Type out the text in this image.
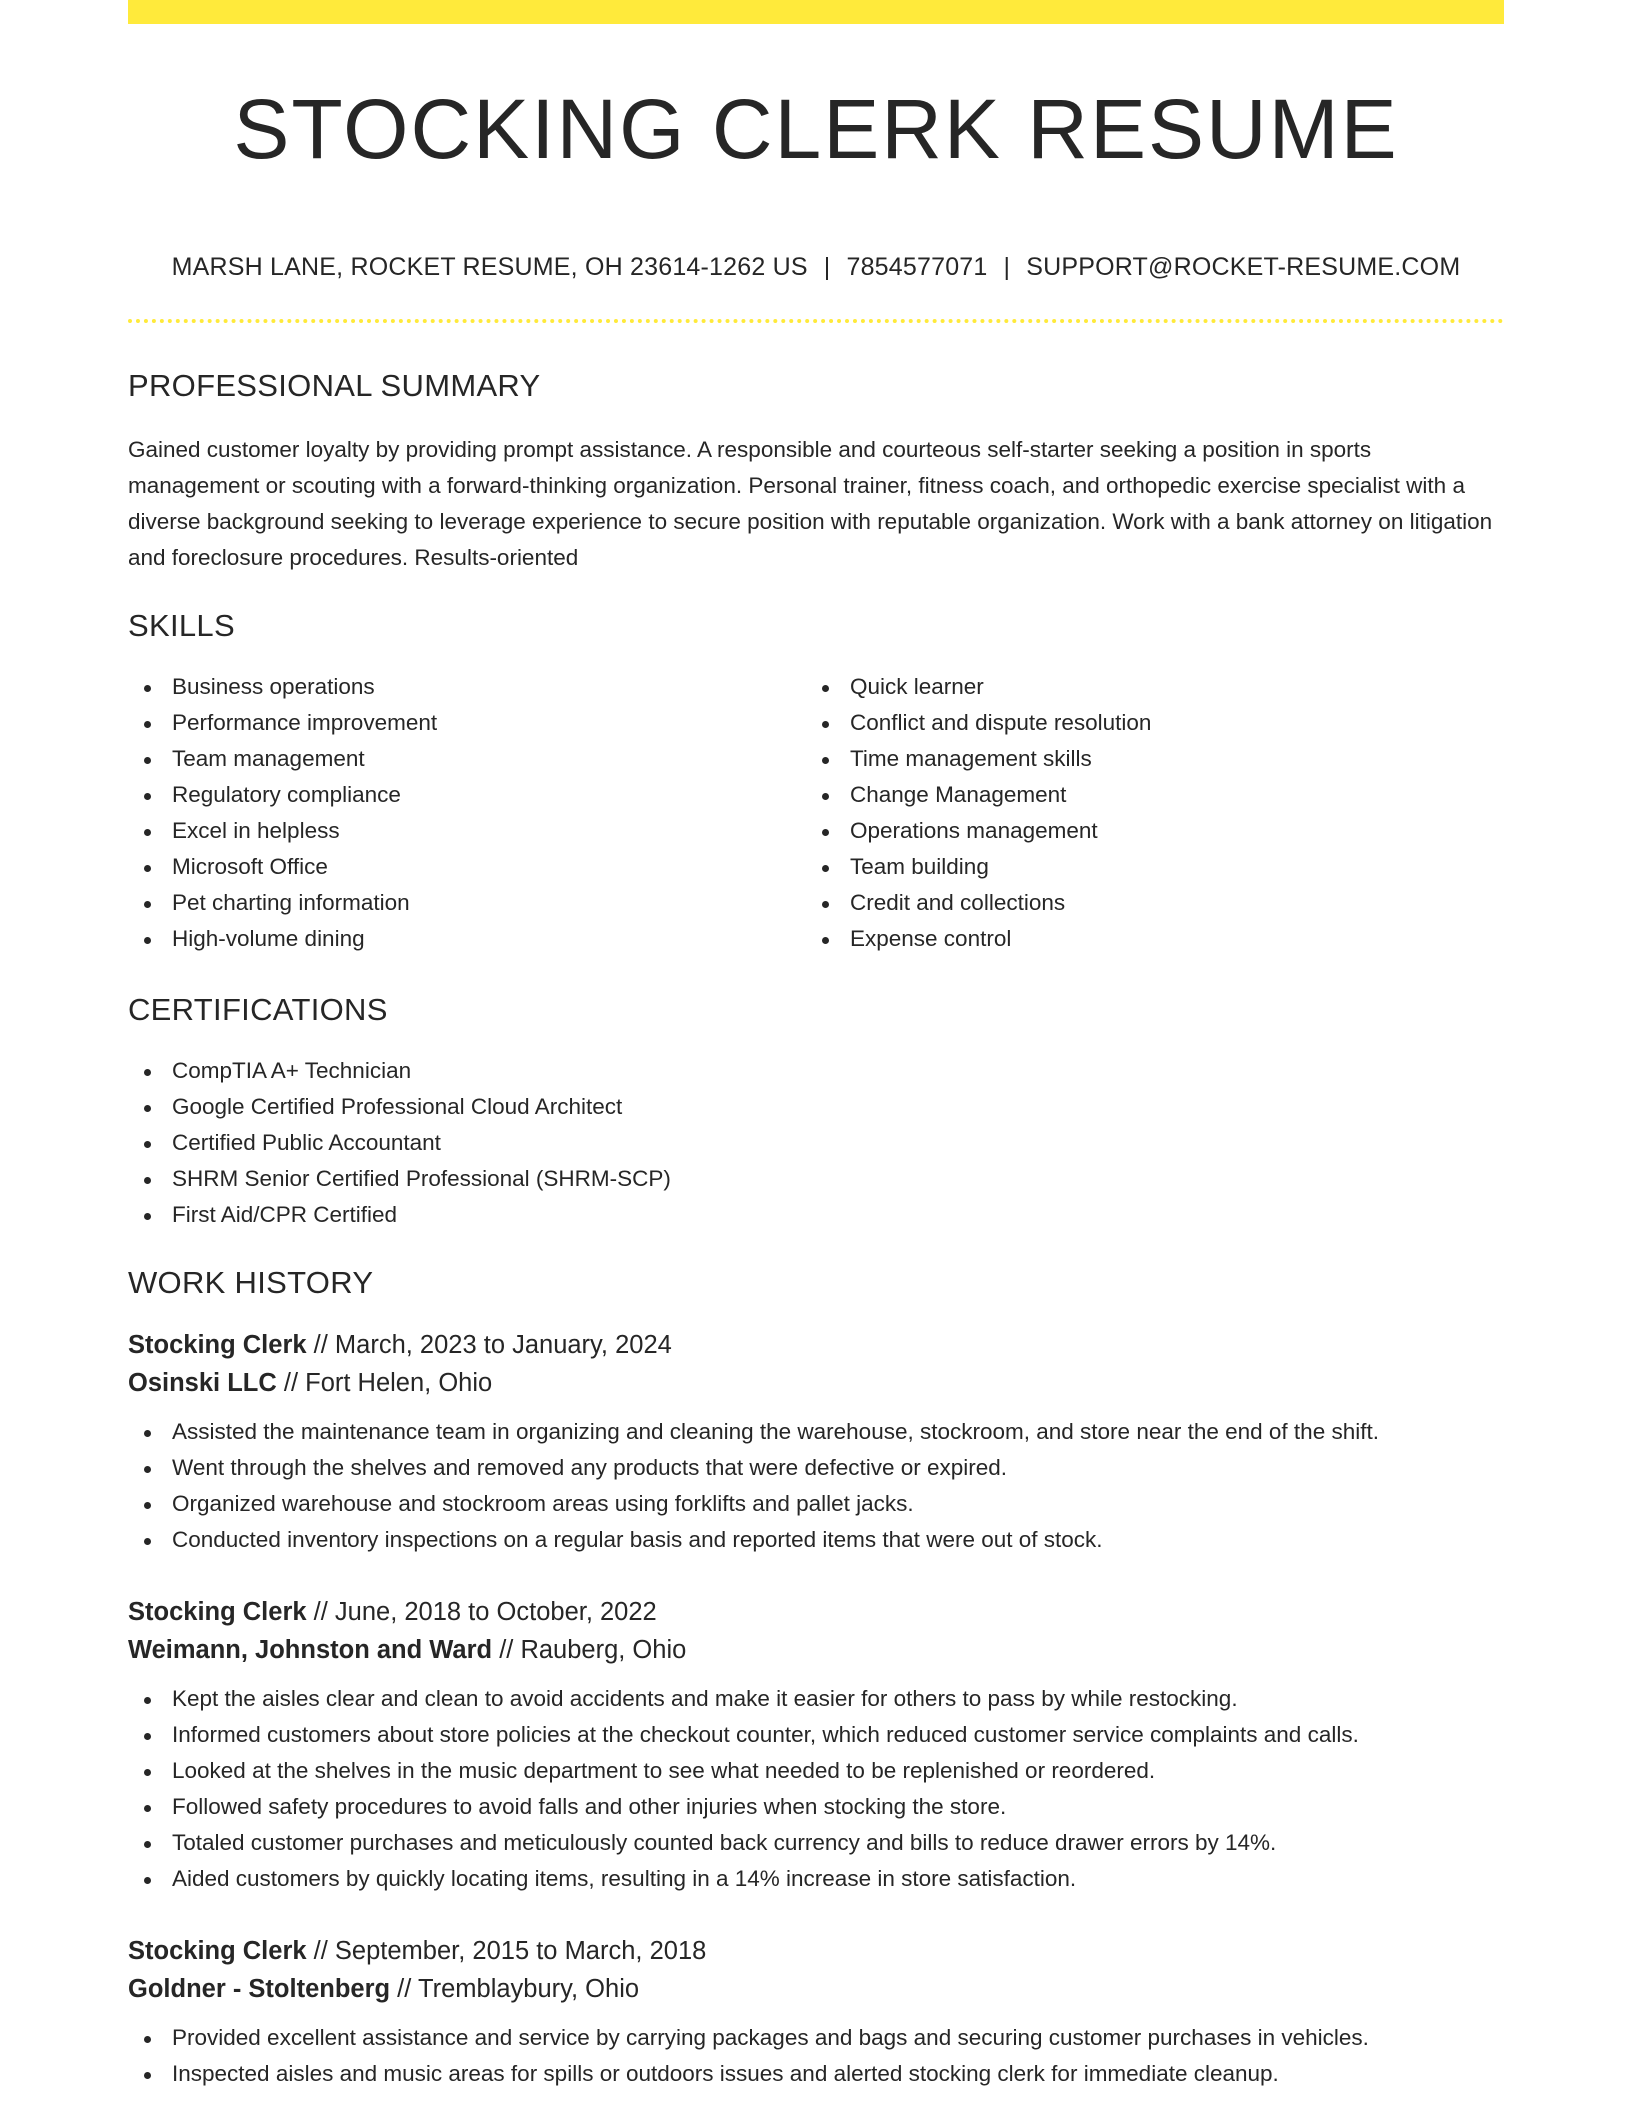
STOCKING CLERK RESUME
MARSH LANE, ROCKET RESUME, OH 23614-1262 US | 7854577071 | SUPPORT@ROCKET-RESUME.COM
PROFESSIONAL SUMMARY

Gained customer loyalty by providing prompt assistance. A responsible and courteous self-starter seeking a position in sports management or scouting with a forward-thinking organization. Personal trainer, fitness coach, and orthopedic exercise specialist with a diverse background seeking to leverage experience to secure position with reputable organization. Work with a bank attorney on litigation and foreclosure procedures. Results-oriented

SKILLS
Business operations
Performance improvement
Team management
Regulatory compliance
Excel in helpless
Microsoft Office
Pet charting information
High-volume dining
Quick learner
Conflict and dispute resolution
Time management skills
Change Management
Operations management
Team building
Credit and collections
Expense control
CERTIFICATIONS
CompTIA A+ Technician
Google Certified Professional Cloud Architect
Certified Public Accountant
SHRM Senior Certified Professional (SHRM-SCP)
First Aid/CPR Certified
WORK HISTORY
Stocking Clerk // March, 2023 to January, 2024
Osinski LLC // Fort Helen, Ohio
Assisted the maintenance team in organizing and cleaning the warehouse, stockroom, and store near the end of the shift.
Went through the shelves and removed any products that were defective or expired.
Organized warehouse and stockroom areas using forklifts and pallet jacks.
Conducted inventory inspections on a regular basis and reported items that were out of stock.
Stocking Clerk // June, 2018 to October, 2022
Weimann, Johnston and Ward // Rauberg, Ohio
Kept the aisles clear and clean to avoid accidents and make it easier for others to pass by while restocking.
Informed customers about store policies at the checkout counter, which reduced customer service complaints and calls.
Looked at the shelves in the music department to see what needed to be replenished or reordered.
Followed safety procedures to avoid falls and other injuries when stocking the store.
Totaled customer purchases and meticulously counted back currency and bills to reduce drawer errors by 14%.
Aided customers by quickly locating items, resulting in a 14% increase in store satisfaction.
Stocking Clerk // September, 2015 to March, 2018
Goldner - Stoltenberg // Tremblaybury, Ohio
Provided excellent assistance and service by carrying packages and bags and securing customer purchases in vehicles.
Inspected aisles and music areas for spills or outdoors issues and alerted stocking clerk for immediate cleanup.
